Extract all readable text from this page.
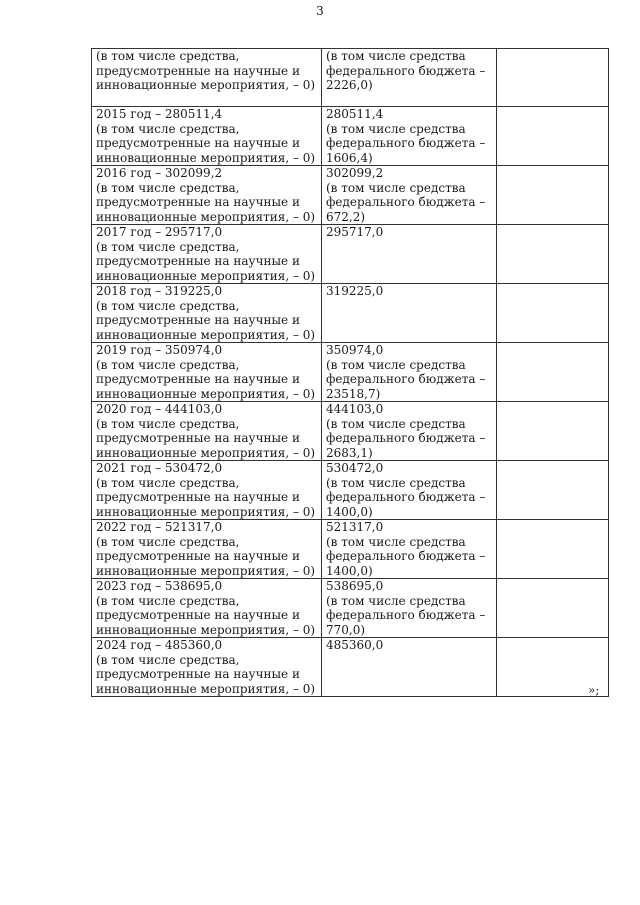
3
(в том числе средства,
предусмотренные на научные и
инновационные мероприятия, – 0)	(в том числе средства
федерального бюджета –
2226,0)	

2015 год – 280511,4
(в том числе средства,
предусмотренные на научные и
инновационные мероприятия, – 0)	280511,4
(в том числе средства
федерального бюджета –
1606,4)	

2016 год – 302099,2
(в том числе средства,
предусмотренные на научные и
инновационные мероприятия, – 0)	302099,2
(в том числе средства
федерального бюджета –
672,2)	

2017 год – 295717,0
(в том числе средства,
предусмотренные на научные и
инновационные мероприятия, – 0)	295717,0	

2018 год – 319225,0
(в том числе средства,
предусмотренные на научные и
инновационные мероприятия, – 0)	319225,0	

2019 год – 350974,0
(в том числе средства,
предусмотренные на научные и
инновационные мероприятия, – 0)	350974,0
(в том числе средства
федерального бюджета –
23518,7)	

2020 год – 444103,0
(в том числе средства,
предусмотренные на научные и
инновационные мероприятия, – 0)	444103,0
(в том числе средства
федерального бюджета –
2683,1)	

2021 год – 530472,0
(в том числе средства,
предусмотренные на научные и
инновационные мероприятия, – 0)	530472,0
(в том числе средства
федерального бюджета –
1400,0)	

2022 год – 521317,0
(в том числе средства,
предусмотренные на научные и
инновационные мероприятия, – 0)	521317,0
(в том числе средства
федерального бюджета –
1400,0)	

2023 год – 538695,0
(в том числе средства,
предусмотренные на научные и
инновационные мероприятия, – 0)	538695,0
(в том числе средства
федерального бюджета –
770,0)	

2024 год – 485360,0
(в том числе средства,
предусмотренные на научные и
инновационные мероприятия, – 0)	485360,0	

»;
